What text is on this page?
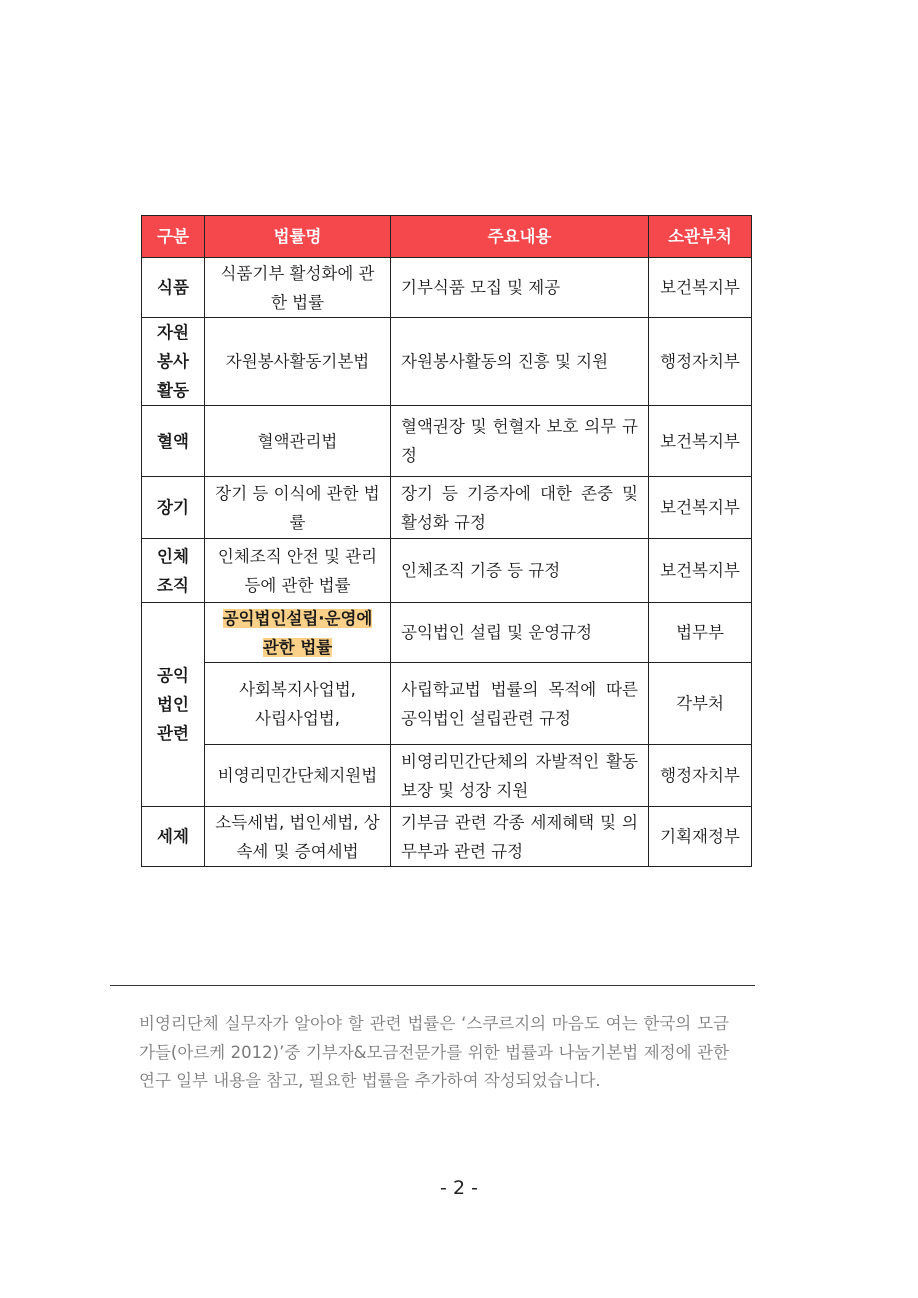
구분	법률명	주요내용	소관부처

식품	식품기부 활성화에 관한 법률	기부식품 모집 및 제공	보건복지부

자원봉사활동	자원봉사활동기본법	자원봉사활동의 진흥 및 지원	행정자치부
혈액	혈액관리법	혈액권장 및 헌혈자 보호 의무 규정	보건복지부
장기	장기 등 이식에 관한 법률	장기 등 기증자에 대한 존중 및 활성화 규정	보건복지부

인체조직	인체조직 안전 및 관리 등에 관한 법률	인체조직 기증 등 규정	보건복지부

공익법인관련	공익법인설립·운영에 관한 법률	공익법인 설립 및 운영규정	법무부

	사회복지사업법, 사립사업법,	사립학교법 법률의 목적에 따른 공익법인 설립관련 규정	각부처
	비영리민간단체지원법	비영리민간단체의 자발적인 활동 보장 및 성장 지원	행정자치부
세제	소득세법, 법인세법, 상속세 및 증여세법	기부금 관련 각종 세제혜택 및 의무부과 관련 규정	기획재정부
비영리단체 실무자가 알아야 할 관련 법률은 ‘스쿠르지의 마음도 여는 한국의 모금가들(아르케 2012)’중 기부자&모금전문가를 위한 법률과 나눔기본법 제정에 관한 연구 일부 내용을 참고, 필요한 법률을 추가하여 작성되었습니다.
- 2 -
